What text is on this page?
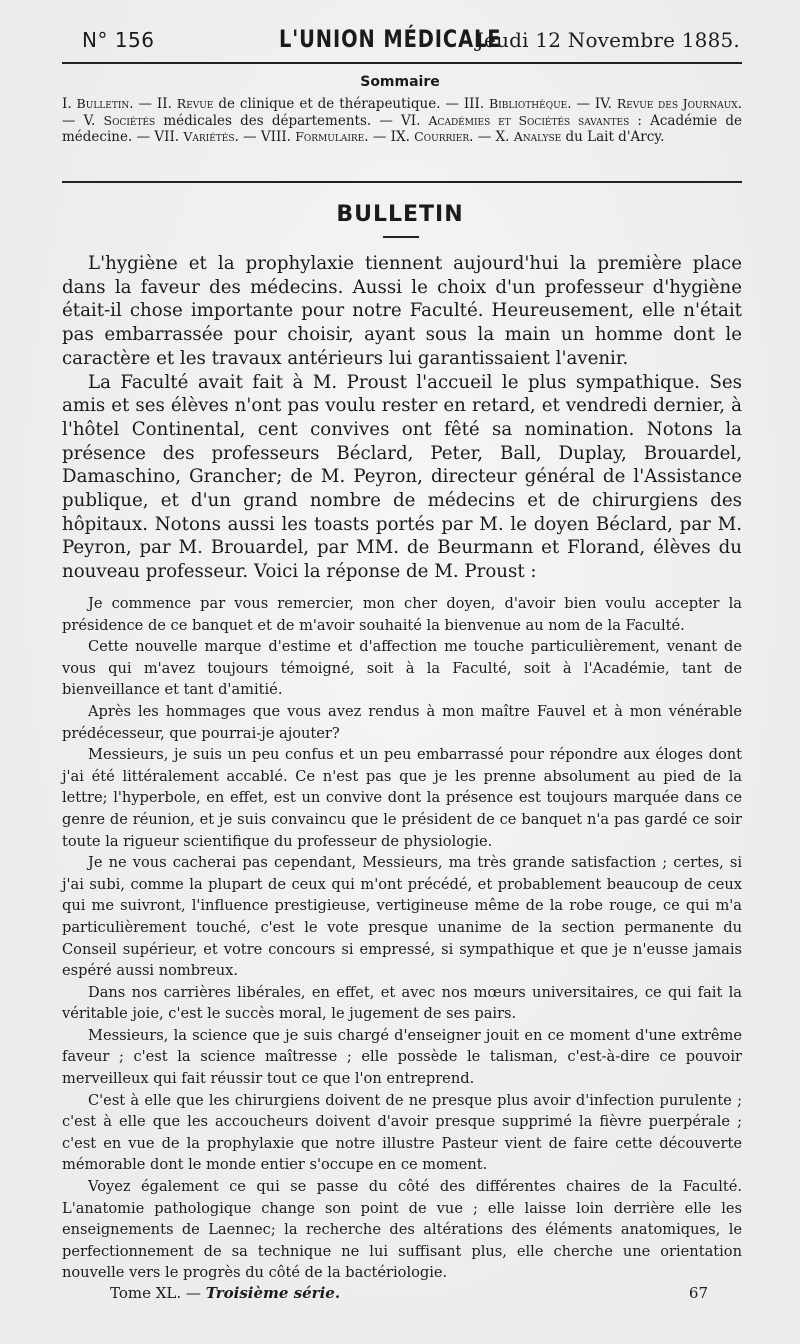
N° 156	L'UNION MÉDICALE
Jeudi 12 Novembre 1885.
Sommaire

I. Bulletin. — II. Revue de clinique et de thérapeutique. — III. Bibliothèque. — IV. Revue des Journaux. — V. Sociétés médicales des départements. — VI. Académies et Sociétés savantes : Académie de médecine. — VII. Variétés. — VIII. Formulaire. — IX. Courrier. — X. Analyse du Lait d'Arcy.

BULLETIN

L'hygiène et la prophylaxie tiennent aujourd'hui la première place dans la faveur des médecins. Aussi le choix d'un professeur d'hygiène était-il chose importante pour notre Faculté. Heureusement, elle n'était pas embarrassée pour choisir, ayant sous la main un homme dont le caractère et les travaux antérieurs lui garantissaient l'avenir.

La Faculté avait fait à M. Proust l'accueil le plus sympathique. Ses amis et ses élèves n'ont pas voulu rester en retard, et vendredi dernier, à l'hôtel Continental, cent convives ont fêté sa nomination. Notons la présence des professeurs Béclard, Peter, Ball, Duplay, Brouardel, Damaschino, Grancher; de M. Peyron, directeur général de l'Assistance publique, et d'un grand nombre de médecins et de chirurgiens des hôpitaux. Notons aussi les toasts portés par M. le doyen Béclard, par M. Peyron, par M. Brouardel, par MM. de Beurmann et Florand, élèves du nouveau professeur. Voici la réponse de M. Proust :

Je commence par vous remercier, mon cher doyen, d'avoir bien voulu accepter la présidence de ce banquet et de m'avoir souhaité la bienvenue au nom de la Faculté.

Cette nouvelle marque d'estime et d'affection me touche particulièrement, venant de vous qui m'avez toujours témoigné, soit à la Faculté, soit à l'Académie, tant de bienveillance et tant d'amitié.

Après les hommages que vous avez rendus à mon maître Fauvel et à mon vénérable prédécesseur, que pourrai-je ajouter?

Messieurs, je suis un peu confus et un peu embarrassé pour répondre aux éloges dont j'ai été littéralement accablé. Ce n'est pas que je les prenne absolument au pied de la lettre; l'hyperbole, en effet, est un convive dont la présence est toujours marquée dans ce genre de réunion, et je suis convaincu que le président de ce banquet n'a pas gardé ce soir toute la rigueur scientifique du professeur de physiologie.

Je ne vous cacherai pas cependant, Messieurs, ma très grande satisfaction ; certes, si j'ai subi, comme la plupart de ceux qui m'ont précédé, et probablement beaucoup de ceux qui me suivront, l'influence prestigieuse, vertigineuse même de la robe rouge, ce qui m'a particulièrement touché, c'est le vote presque unanime de la section permanente du Conseil supérieur, et votre concours si empressé, si sympathique et que je n'eusse jamais espéré aussi nombreux.

Dans nos carrières libérales, en effet, et avec nos mœurs universitaires, ce qui fait la véritable joie, c'est le succès moral, le jugement de ses pairs.

Messieurs, la science que je suis chargé d'enseigner jouit en ce moment d'une extrême faveur ; c'est la science maîtresse ; elle possède le talisman, c'est-à-dire ce pouvoir merveilleux qui fait réussir tout ce que l'on entreprend.

C'est à elle que les chirurgiens doivent de ne presque plus avoir d'infection purulente ; c'est à elle que les accoucheurs doivent d'avoir presque supprimé la fièvre puerpérale ; c'est en vue de la prophylaxie que notre illustre Pasteur vient de faire cette découverte mémorable dont le monde entier s'occupe en ce moment.

Voyez également ce qui se passe du côté des différentes chaires de la Faculté. L'anatomie pathologique change son point de vue ; elle laisse loin derrière elle les enseignements de Laennec; la recherche des altérations des éléments anatomiques, le perfectionnement de sa technique ne lui suffisant plus, elle cherche une orientation nouvelle vers le progrès du côté de la bactériologie.

Tome XL. — Troisième série.	67
